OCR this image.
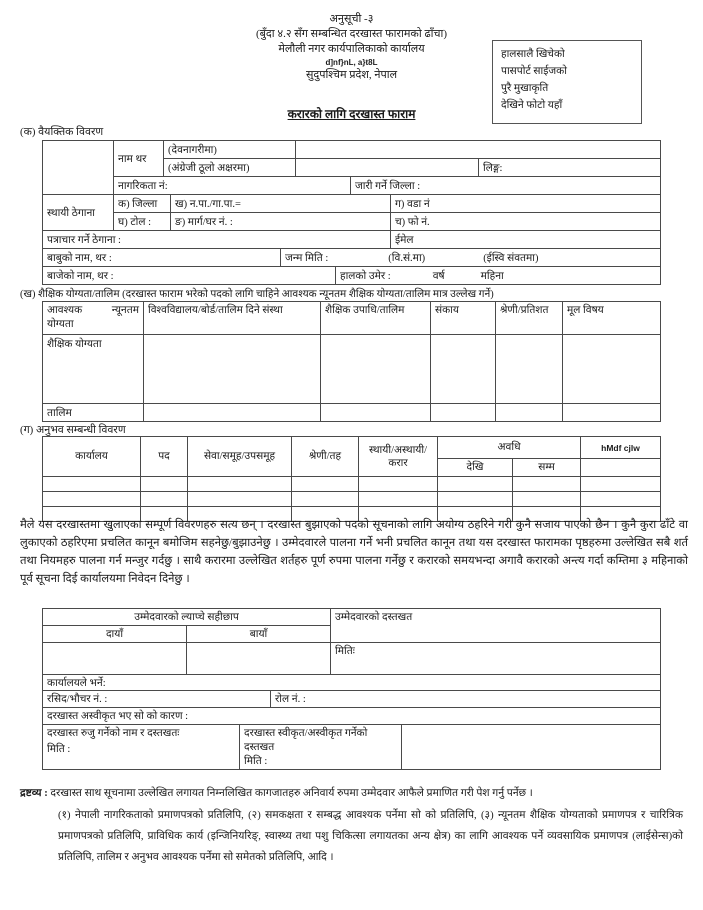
अनुसूची -३
(बुँदा ४.२ सँग सम्बन्धित दरखास्त फारामको ढाँचा)
मेलौली नगर कार्यपालिकाको कार्यालय
d]nf}nL, a}t8L
सुदुपश्चिम प्रदेश, नेपाल
करारको लागि दरखास्त फाराम
हालसालै खिचेको
पासपोर्ट साईजको
पुरै मुखाकृति
देखिने फोटो यहाँ
(क) वैयक्तिक विवरण
	नाम थर	(देवनागरीमा)				
		(अंग्रेजी ठूलो अक्षरमा)			लिङ्ग:	
	नागरिकता नं:			जारी गर्ने जिल्ला :	
स्थायी ठेगाना	क) जिल्ला	ख) न.पा./गा.पा.=	ग) वडा नं
	घ) टोल :	ङ) मार्ग/घर नं. :	च) फो नं.
पत्राचार गर्ने ठेगाना :			ईमेल
बाबुको नाम, थर :	जन्म मिति : (वि.सं.मा) (ईस्वि संवतमा)	

बाजेको नाम, थर :		हालको उमेर : वर्ष महिना
(ख) शैक्षिक योग्यता/तालिम (दरखास्त फाराम भरेको पदको लागि चाहिने आवश्यक न्यूनतम शैक्षिक योग्यता/तालिम मात्र उल्लेख गर्ने)
आवश्यक न्यूनतम योग्यता	विश्वविद्यालय/बोर्ड/तालिम दिने संस्था	शैक्षिक उपाधि/तालिम	संकाय	श्रेणी/प्रतिशत	मूल विषय
शैक्षिक योग्यता					
तालिम					
(ग) अनुभव सम्बन्धी विवरण
कार्यालय	पद	सेवा/समूह/उपसमूह	श्रेणी/तह	स्थायी/अस्थायी/करार	अवधि		hMdf cjlw
					देखि	सम्म	

मैले यस दरखास्तमा खुलाएका सम्पूर्ण विवरणहरु सत्य छन् । दरखास्त बुझाएको पदको सूचनाको लागि अयोग्य ठहरिने गरी कुनै सजाय पाएको छैन । कुनै कुरा ढाँटे वा लुकाएको ठहरिएमा प्रचलित कानून बमोजिम सहनेछु/बुझाउनेछु । उम्मेदवारले पालना गर्ने भनी प्रचलित कानून तथा यस दरखास्त फारामका पृष्ठहरुमा उल्लेखित सबै शर्त तथा नियमहरु पालना गर्न मन्जुर गर्दछु । साथै करारमा उल्लेखित शर्तहरु पूर्ण रुपमा पालना गर्नेछु र करारको समयभन्दा अगावै करारको अन्त्य गर्दा कम्तिमा ३ महिनाको पूर्व सूचना दिई कार्यालयमा निवेदन दिनेछु ।
उम्मेदवारको ल्याप्चे सहीछाप		उम्मेदवारको दस्तखत
दायाँ	बायाँ	

		मितिः
कार्यालयले भर्ने:
रसिद/भौचर नं. :	रोल नं. :
दरखास्त अस्वीकृत भए सो को कारण :
दरखास्त रुजु गर्नेको नाम र दस्तखतः
मिति :

दरखास्त स्वीकृत/अस्वीकृत गर्नेको
दस्तखत
मिति :

द्रष्टव्य : दरखास्त साथ सूचनामा उल्लेखित लगायत निम्नलिखित कागजातहरु अनिवार्य रुपमा उम्मेदवार आफैले प्रमाणित गरी पेश गर्नु पर्नेछ ।
(१) नेपाली नागरिकताको प्रमाणपत्रको प्रतिलिपि, (२) समकक्षता र सम्बद्ध आवश्यक पर्नेमा सो को प्रतिलिपि, (३) न्यूनतम शैक्षिक योग्यताको प्रमाणपत्र र चारित्रिक प्रमाणपत्रको प्रतिलिपि, प्राविधिक कार्य (इन्जिनियरिङ्, स्वास्थ्य तथा पशु चिकित्सा लगायतका अन्य क्षेत्र) का लागि आवश्यक पर्ने व्यवसायिक प्रमाणपत्र (लाईसेन्स)को प्रतिलिपि, तालिम र अनुभव आवश्यक पर्नेमा सो समेतको प्रतिलिपि, आदि ।
